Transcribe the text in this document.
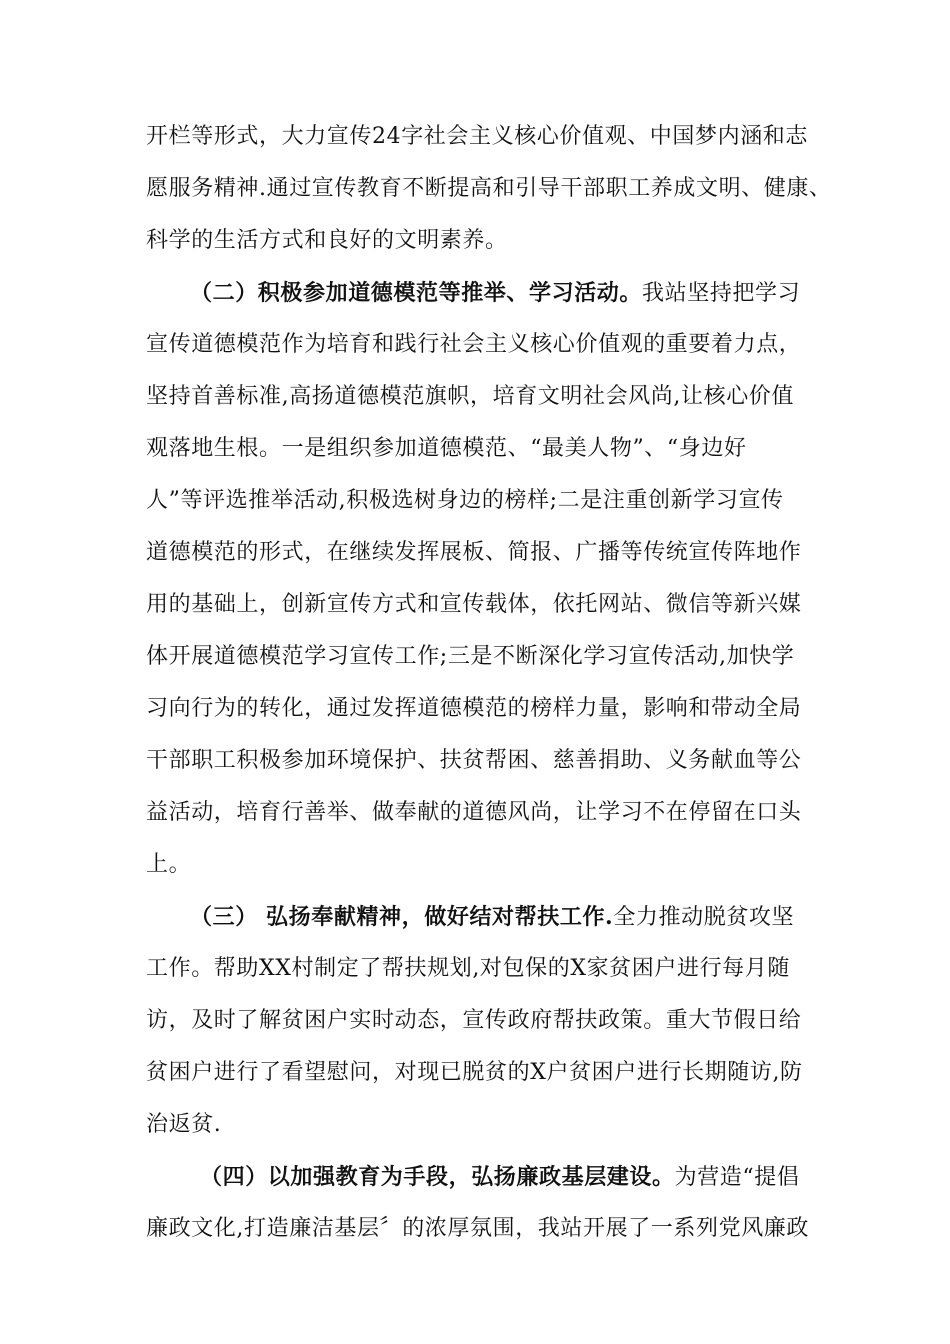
开栏等形式，大力宣传24字社会主义核心价值观、中国梦内涵和志
愿服务精神.通过宣传教育不断提高和引导干部职工养成文明、健康、
科学的生活方式和良好的文明素养。
（二）积极参加道德模范等推举、学习活动。我站坚持把学习
宣传道德模范作为培育和践行社会主义核心价值观的重要着力点，
坚持首善标准,高扬道德模范旗帜，培育文明社会风尚,让核心价值
观落地生根。一是组织参加道德模范、“最美人物”、“身边好
人”等评选推举活动,积极选树身边的榜样;二是注重创新学习宣传
道德模范的形式，在继续发挥展板、简报、广播等传统宣传阵地作
用的基础上，创新宣传方式和宣传载体，依托网站、微信等新兴媒
体开展道德模范学习宣传工作;三是不断深化学习宣传活动,加快学
习向行为的转化，通过发挥道德模范的榜样力量，影响和带动全局
干部职工积极参加环境保护、扶贫帮困、慈善捐助、义务献血等公
益活动，培育行善举、做奉献的道德风尚，让学习不在停留在口头
上。
（三） 弘扬奉献精神，做好结对帮扶工作.全力推动脱贫攻坚
工作。帮助XX村制定了帮扶规划,对包保的X家贫困户进行每月随
访，及时了解贫困户实时动态，宣传政府帮扶政策。重大节假日给
贫困户进行了看望慰问，对现已脱贫的X户贫困户进行长期随访,防
治返贫.
（四）以加强教育为手段，弘扬廉政基层建设。为营造“提倡
廉政文化,打造廉洁基层〞的浓厚氛围，我站开展了一系列党风廉政
